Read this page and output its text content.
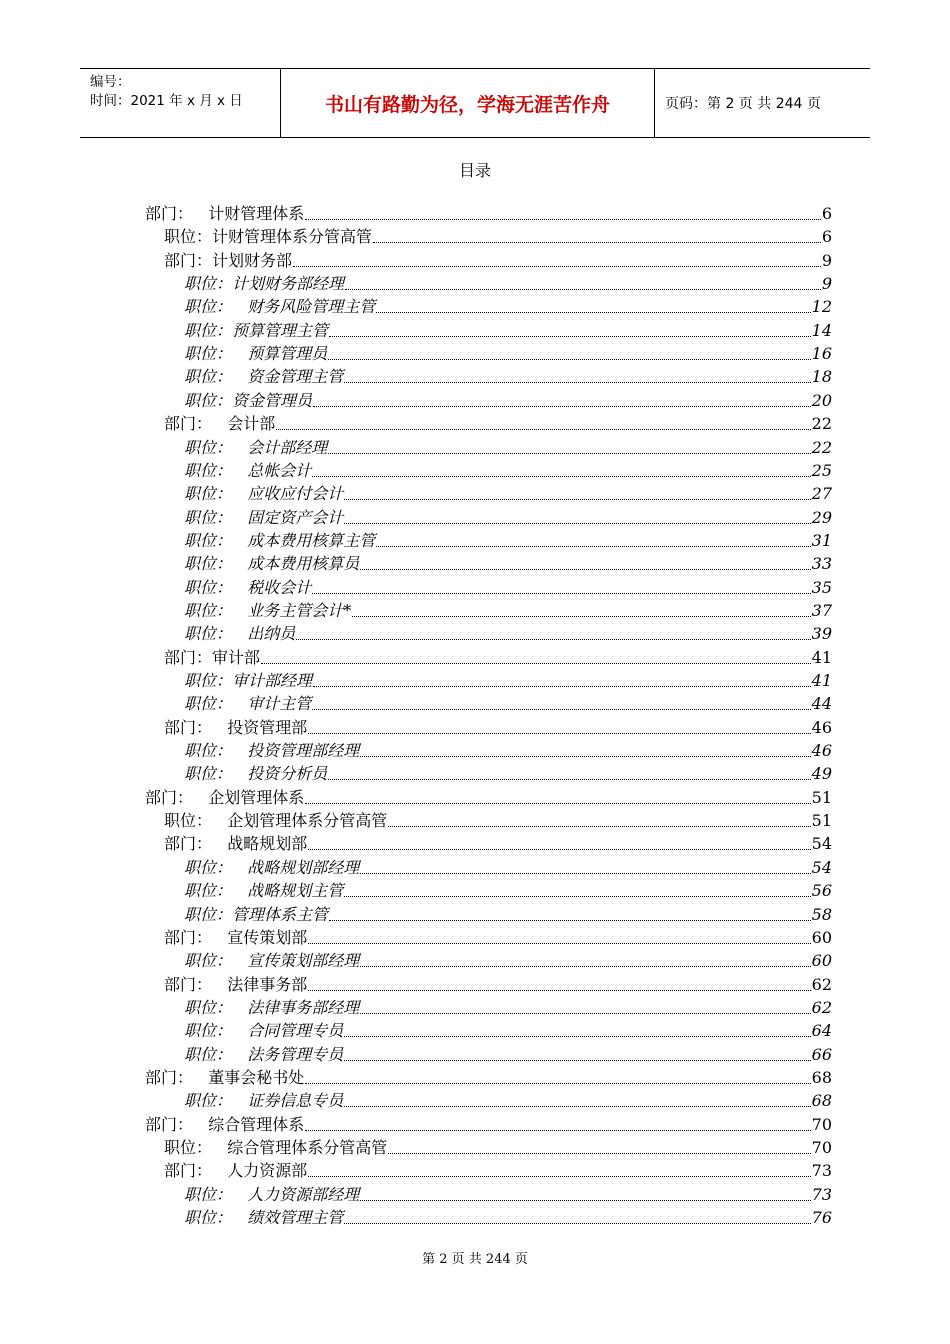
编号：
时间：2021 年 x 月 x 日	书山有路勤为径，学海无涯苦作舟	页码：第 2 页 共 244 页
目录
部门：   计财管理体系	6
职位：计财管理体系分管高管	6
部门：计划财务部	9
职位：计划财务部经理	9
职位：   财务风险管理主管	12
职位：预算管理主管	14
职位：   预算管理员	16
职位：   资金管理主管	18
职位：资金管理员	20
部门：   会计部	22
职位：   会计部经理	22
职位：   总帐会计	25
职位：   应收应付会计	27
职位：   固定资产会计	29
职位：   成本费用核算主管	31
职位：   成本费用核算员	33
职位：   税收会计	35
职位：   业务主管会计*	37
职位：   出纳员	39
部门：审计部	41
职位：审计部经理	41
职位：   审计主管	44
部门：   投资管理部	46
职位：   投资管理部经理	46
职位：   投资分析员	49
部门：   企划管理体系	51
职位：   企划管理体系分管高管	51
部门：   战略规划部	54
职位：   战略规划部经理	54
职位：   战略规划主管	56
职位：管理体系主管	58
部门：   宣传策划部	60
职位：   宣传策划部经理	60
部门：   法律事务部	62
职位：   法律事务部经理	62
职位：   合同管理专员	64
职位：   法务管理专员	66
部门：   董事会秘书处	68
职位：   证券信息专员	68
部门：   综合管理体系	70
职位：   综合管理体系分管高管	70
部门：   人力资源部	73
职位：   人力资源部经理	73
职位：   绩效管理主管	76
第 2 页 共 244 页
